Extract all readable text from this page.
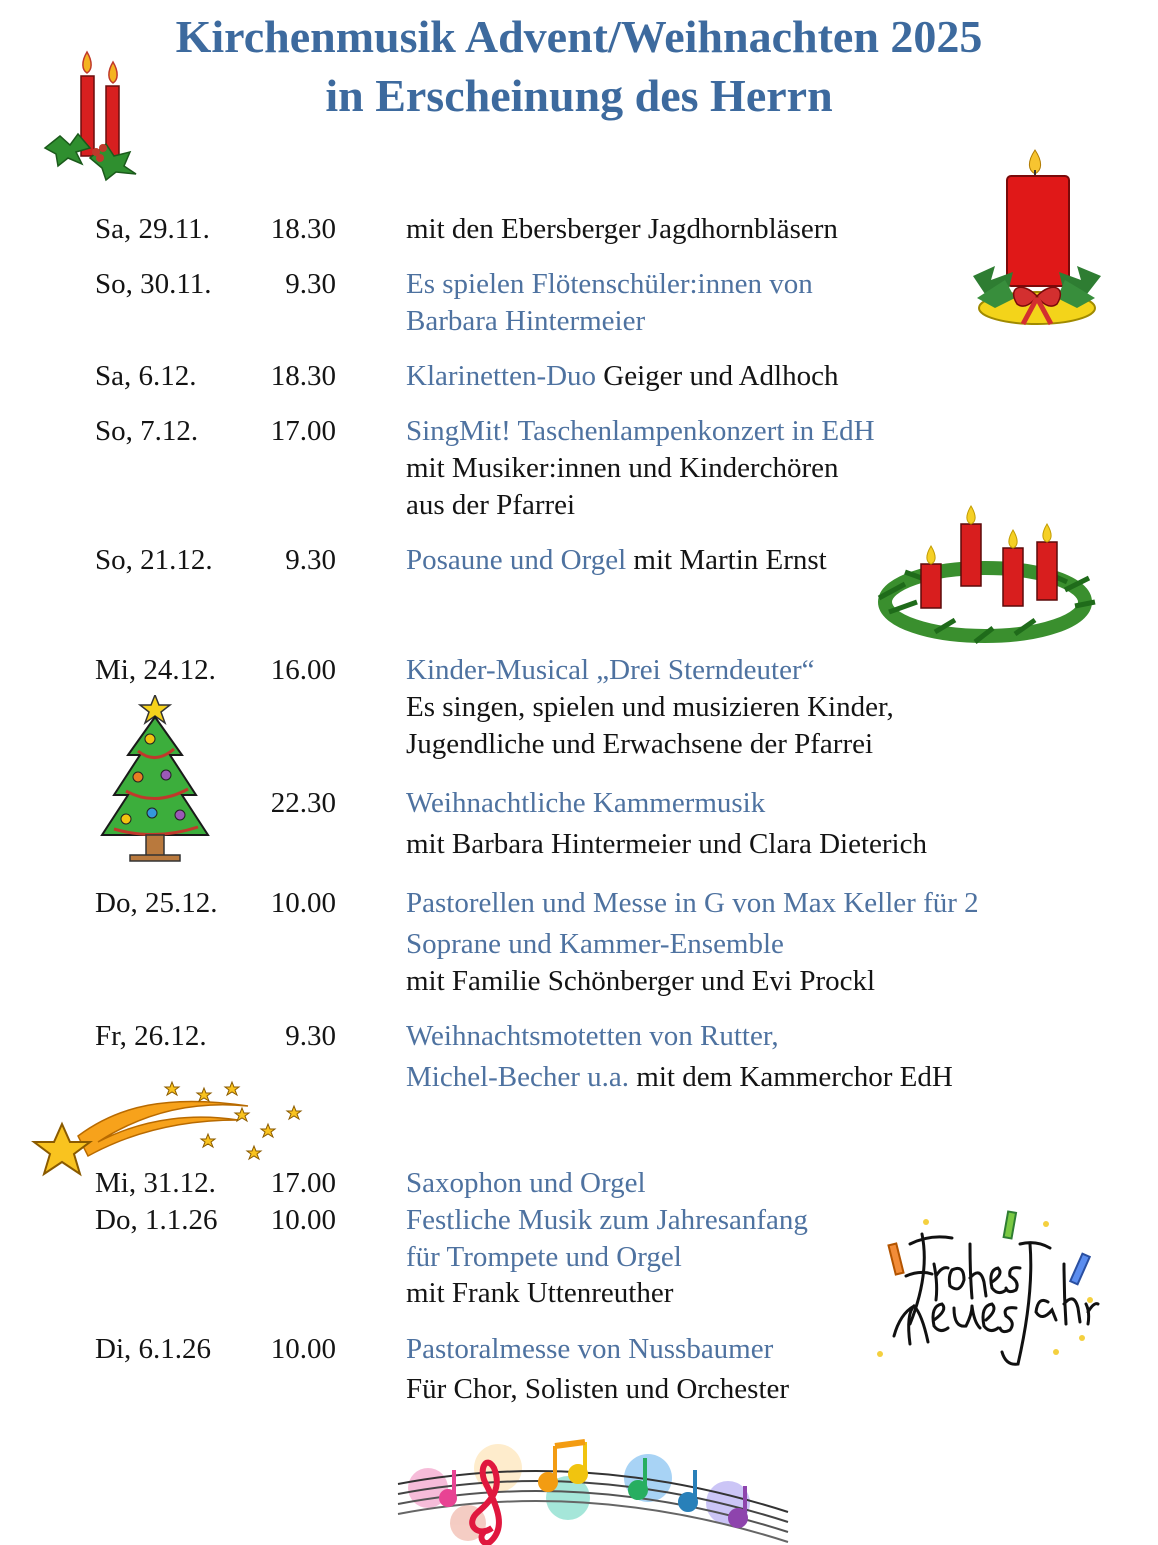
Kirchenmusik Advent/Weihnachten 2025
in Erscheinung des Herrn
Sa, 29.11.	18.30 mit den Ebersberger Jagdhornbläsern
So, 30.11.	9.30 Es spielen Flötenschüler:innen von
Barbara Hintermeier
Sa, 6.12.	18.30 Klarinetten-Duo Geiger und Adlhoch
So, 7.12.	17.00 SingMit! Taschenlampenkonzert in EdH
mit Musiker:innen und Kinderchören
aus der Pfarrei
So, 21.12.	9.30 Posaune und Orgel mit Martin Ernst
Mi, 24.12.	16.00 Kinder-Musical „Drei Sterndeuter“
Es singen, spielen und musizieren Kinder,
Jugendliche und Erwachsene der Pfarrei
22.30 Weihnachtliche Kammermusik
mit Barbara Hintermeier und Clara Dieterich
Do, 25.12.	10.00 Pastorellen und Messe in G von Max Keller für 2
Soprane und Kammer-Ensemble
mit Familie Schönberger und Evi Prockl
Fr, 26.12.	9.30 Weihnachtsmotetten von Rutter,
Michel-Becher u.a. mit dem Kammerchor EdH
Mi, 31.12.	17.00 Saxophon und Orgel
Do, 1.1.26	10.00 Festliche Musik zum Jahresanfang
für Trompete und Orgel
mit Frank Uttenreuther
Di, 6.1.26	10.00 Pastoralmesse von Nussbaumer
Für Chor, Solisten und Orchester
